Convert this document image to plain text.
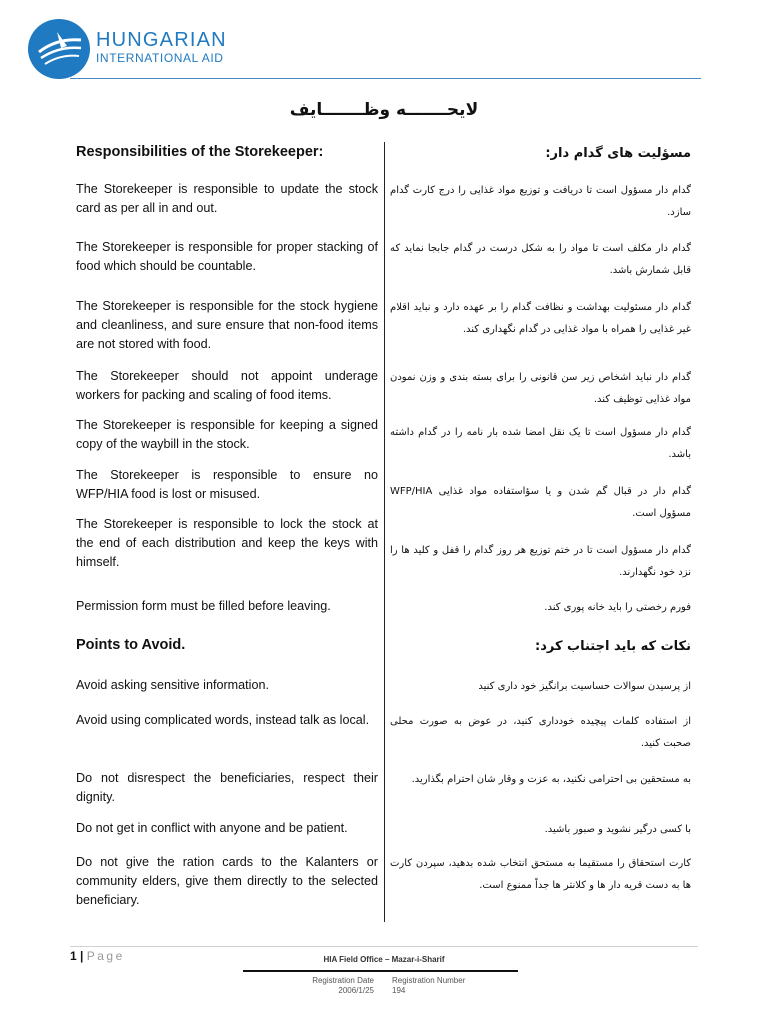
HUNGARIAN
INTERNATIONAL AID
لایحـــــــه وظـــــــایف
Responsibilities of the Storekeeper:	مسؤلیت های گدام دار:
The Storekeeper is responsible to update the stock card as per all in and out.
گدام دار مسؤول است تا دریافت و توزیع مواد غذایی را درج کارت گدام سازد.
The Storekeeper is responsible for proper stacking of food which should be countable.
گدام دار مکلف است تا مواد را به شکل درست در گدام جابجا نماید که قابل شمارش باشد.
The Storekeeper is responsible for the stock hygiene and cleanliness, and sure ensure that non-food items are not stored with food.
گدام دار مسئولیت بهداشت و نظافت گدام را بر عهده دارد و نباید اقلام غیر غذایی را همراه با مواد غذایی در گدام نگهداری کند.
The Storekeeper should not appoint underage workers for packing and scaling of food items.
گدام دار نباید اشخاص زیر سن قانونی را برای بسته بندی و وزن نمودن مواد غذایی توظیف کند.
The Storekeeper is responsible for keeping a signed copy of the waybill in the stock.
گدام دار مسؤول است تا یک نقل امضا شده بار نامه را در گدام داشته باشد.
The Storekeeper is responsible to ensure no WFP/HIA food is lost or misused.	گدام دار در قبال گم شدن و یا سؤاستفاده مواد غذایی WFP/HIA مسؤول است.
The Storekeeper is responsible to lock the stock at the end of each distribution and keep the keys with himself.
گدام دار مسؤول است تا در ختم توزیع هر روز گدام را قفل و کلید ها را نزد خود نگهدارند.
Permission form must be filled before leaving.	فورم رخصتی را باید خانه پوری کند.
Points to Avoid.	نکات که باید اجتناب کرد:
Avoid asking sensitive information.	از پرسیدن سوالات حساسیت برانگیز خود داری کنید
Avoid using complicated words, instead talk as local.	از استفاده کلمات پیچیده خودداری کنید، در عوض به صورت محلی صحبت کنید.
Do not disrespect the beneficiaries, respect their dignity.
به مستحقین بی احترامی نکنید، به عزت و وقار شان احترام بگذارید.
Do not get in conflict with anyone and be patient.	با کسی درگیر نشوید و صبور باشید.
Do not give the ration cards to the Kalanters or community elders, give them directly to the selected beneficiary.
کارت استحقاق را مستقیما به مستحق انتخاب شده بدهید، سپردن کارت ها به دست قریه دار ها و کلانتر ها جداً ممنوع است.
1 | Page	HIA Field Office – Mazar-i-Sharif
Registration Date
2006/1/25
Registration Number
194
